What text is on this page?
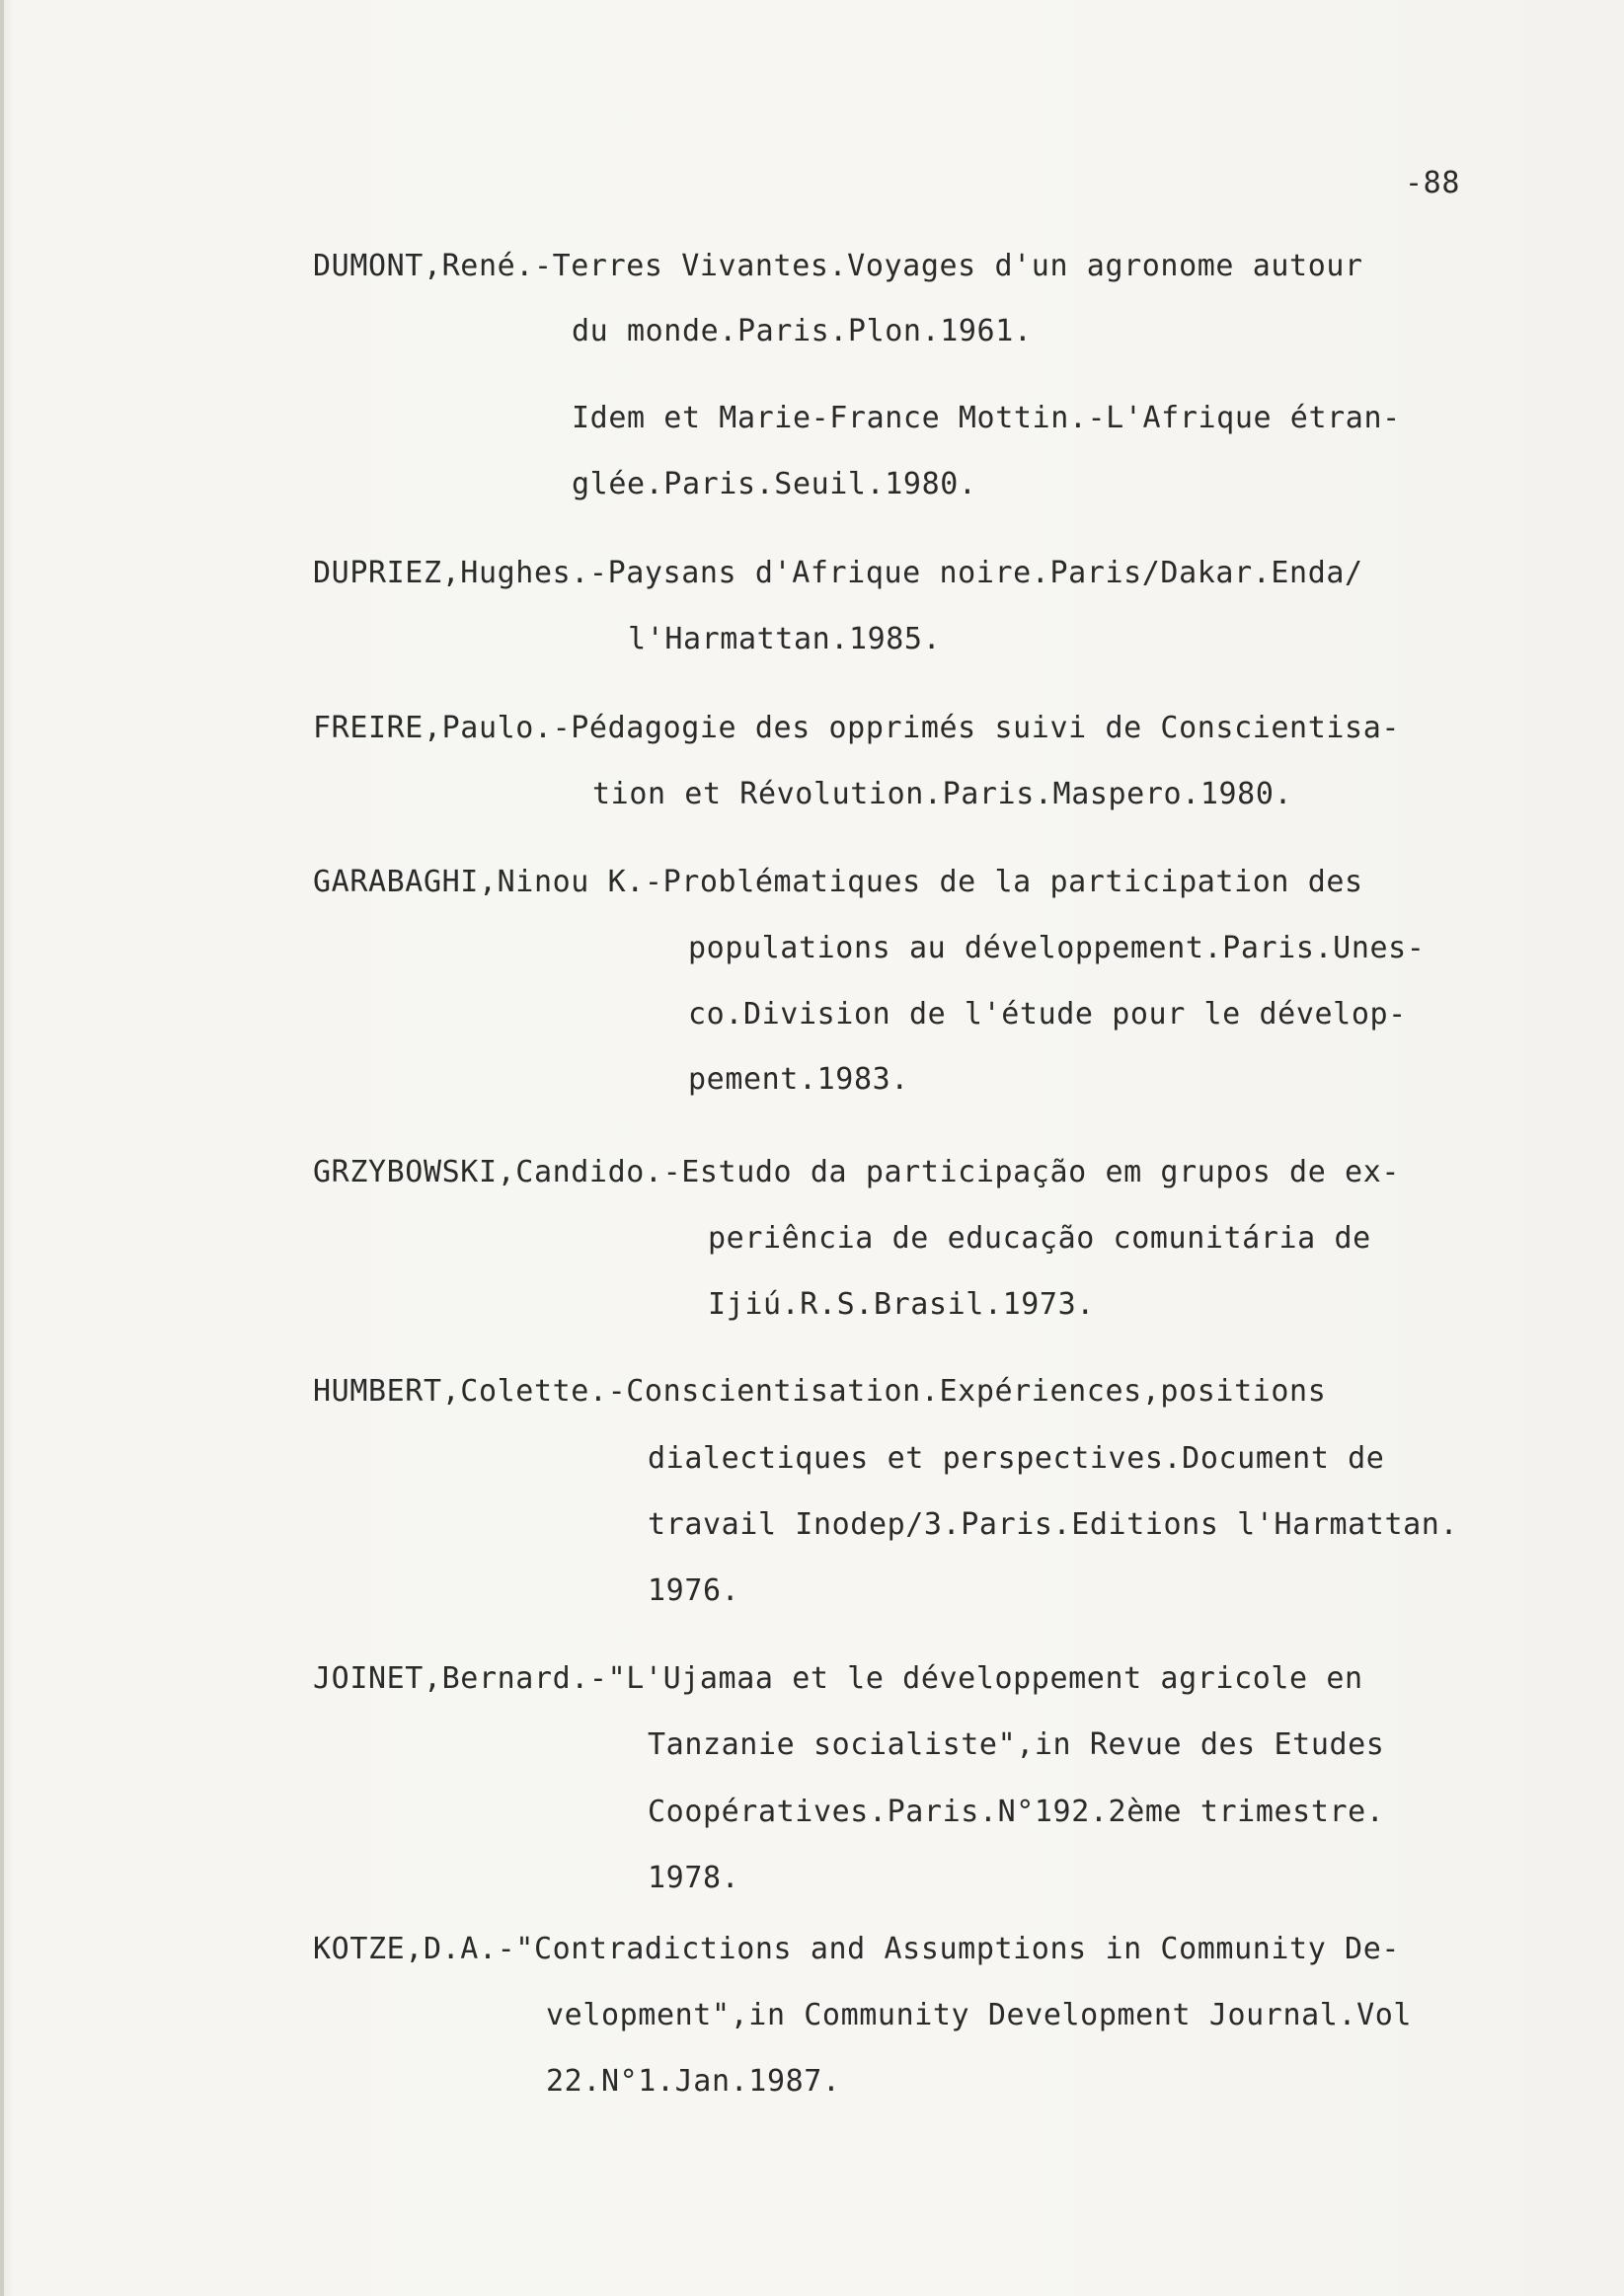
-88
DUMONT,René.-Terres Vivantes.Voyages d'un agronome autour
du monde.Paris.Plon.1961.
Idem et Marie-France Mottin.-L'Afrique étran-
glée.Paris.Seuil.1980.
DUPRIEZ,Hughes.-Paysans d'Afrique noire.Paris/Dakar.Enda/
l'Harmattan.1985.
FREIRE,Paulo.-Pédagogie des opprimés suivi de Conscientisa-
tion et Révolution.Paris.Maspero.1980.
GARABAGHI,Ninou K.-Problématiques de la participation des
populations au développement.Paris.Unes-
co.Division de l'étude pour le dévelop-
pement.1983.
GRZYBOWSKI,Candido.-Estudo da participação em grupos de ex-
periência de educação comunitária de
Ijiú.R.S.Brasil.1973.
HUMBERT,Colette.-Conscientisation.Expériences,positions
dialectiques et perspectives.Document de
travail Inodep/3.Paris.Editions l'Harmattan.
1976.
JOINET,Bernard.-"L'Ujamaa et le développement agricole en
Tanzanie socialiste",in Revue des Etudes
Coopératives.Paris.N°192.2ème trimestre.
1978.
KOTZE,D.A.-"Contradictions and Assumptions in Community De-
velopment",in Community Development Journal.Vol
22.N°1.Jan.1987.
